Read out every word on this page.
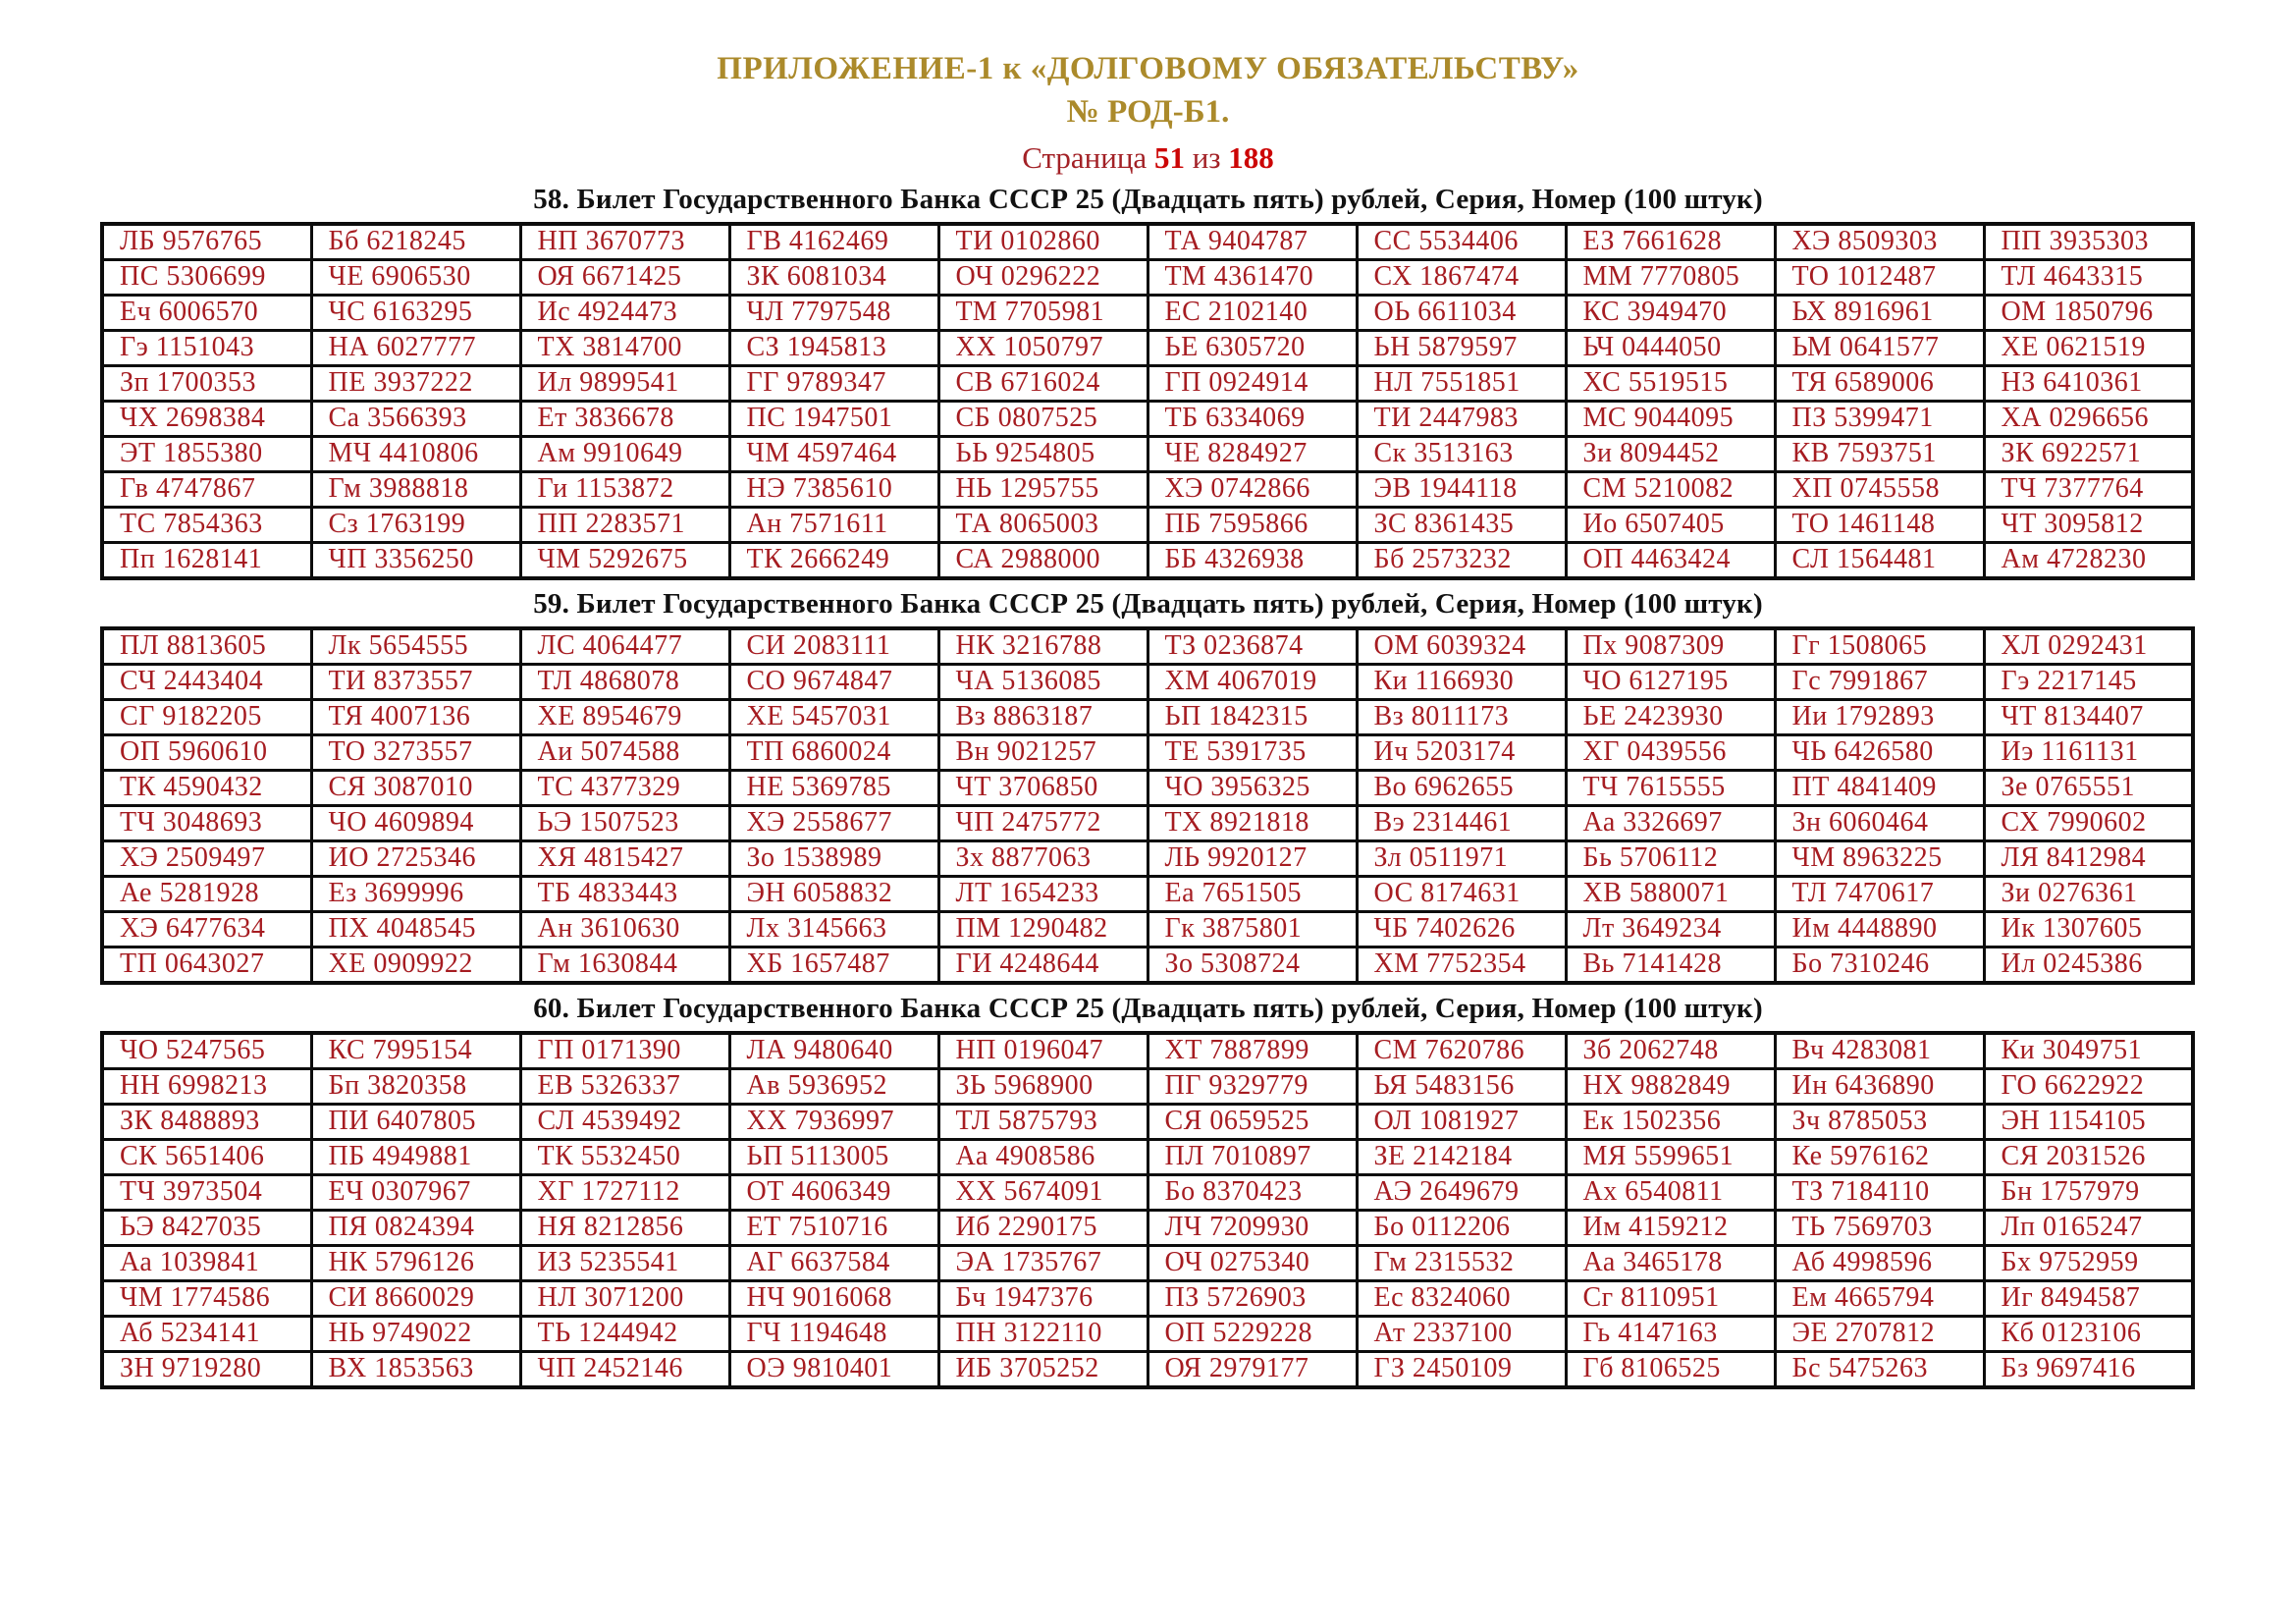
ПРИЛОЖЕНИЕ-1 к «ДОЛГОВОМУ ОБЯЗАТЕЛЬСТВУ»
№ РОД-Б1.
Страница 51 из 188
58. Билет Государственного Банка СССР 25 (Двадцать пять) рублей, Серия, Номер (100 штук)
ЛБ 9576765	Бб 6218245	НП 3670773	ГВ 4162469	ТИ 0102860	ТА 9404787	СС 5534406	ЕЗ 7661628	ХЭ 8509303	ПП 3935303
ПС 5306699	ЧЕ 6906530	ОЯ 6671425	ЗК 6081034	ОЧ 0296222	ТМ 4361470	СХ 1867474	ММ 7770805	ТО 1012487	ТЛ 4643315
Еч 6006570	ЧС 6163295	Ис 4924473	ЧЛ 7797548	ТМ 7705981	ЕС 2102140	ОЬ 6611034	КС 3949470	ЬХ 8916961	ОМ 1850796
Гэ 1151043	НА 6027777	ТХ 3814700	СЗ 1945813	ХХ 1050797	ЬЕ 6305720	ЬН 5879597	ЬЧ 0444050	ЬМ 0641577	ХЕ 0621519
Зп 1700353	ПЕ 3937222	Ил 9899541	ГГ 9789347	СВ 6716024	ГП 0924914	НЛ 7551851	ХС 5519515	ТЯ 6589006	НЗ 6410361
ЧХ 2698384	Са 3566393	Ет 3836678	ПС 1947501	СБ 0807525	ТБ 6334069	ТИ 2447983	МС 9044095	ПЗ 5399471	ХА 0296656
ЭТ 1855380	МЧ 4410806	Ам 9910649	ЧМ 4597464	ЬЬ 9254805	ЧЕ 8284927	Ск 3513163	Зи 8094452	КВ 7593751	ЗК 6922571
Гв 4747867	Гм 3988818	Ги 1153872	НЭ 7385610	НЬ 1295755	ХЭ 0742866	ЭВ 1944118	СМ 5210082	ХП 0745558	ТЧ 7377764
ТС 7854363	Сз 1763199	ПП 2283571	Ан 7571611	ТА 8065003	ПБ 7595866	ЗС 8361435	Ио 6507405	ТО 1461148	ЧТ 3095812
Пп 1628141	ЧП 3356250	ЧМ 5292675	ТК 2666249	СА 2988000	ББ 4326938	Бб 2573232	ОП 4463424	СЛ 1564481	Ам 4728230
59. Билет Государственного Банка СССР 25 (Двадцать пять) рублей, Серия, Номер (100 штук)
ПЛ 8813605	Лк 5654555	ЛС 4064477	СИ 2083111	НК 3216788	ТЗ 0236874	ОМ 6039324	Пх 9087309	Гг 1508065	ХЛ 0292431
СЧ 2443404	ТИ 8373557	ТЛ 4868078	СО 9674847	ЧА 5136085	ХМ 4067019	Ки 1166930	ЧО 6127195	Гс 7991867	Гэ 2217145
СГ 9182205	ТЯ 4007136	ХЕ 8954679	ХЕ 5457031	Вз 8863187	ЬП 1842315	Вз 8011173	ЬЕ 2423930	Ии 1792893	ЧТ 8134407
ОП 5960610	ТО 3273557	Аи 5074588	ТП 6860024	Вн 9021257	ТЕ 5391735	Ич 5203174	ХГ 0439556	ЧЬ 6426580	Иэ 1161131
ТК 4590432	СЯ 3087010	ТС 4377329	НЕ 5369785	ЧТ 3706850	ЧО 3956325	Во 6962655	ТЧ 7615555	ПТ 4841409	Зе 0765551
ТЧ 3048693	ЧО 4609894	ЬЭ 1507523	ХЭ 2558677	ЧП 2475772	ТХ 8921818	Вэ 2314461	Аа 3326697	Зн 6060464	СХ 7990602
ХЭ 2509497	ИО 2725346	ХЯ 4815427	Зо 1538989	Зх 8877063	ЛЬ 9920127	Зл 0511971	Бь 5706112	ЧМ 8963225	ЛЯ 8412984
Ае 5281928	Ез 3699996	ТБ 4833443	ЭН 6058832	ЛТ 1654233	Еа 7651505	ОС 8174631	ХВ 5880071	ТЛ 7470617	Зи 0276361
ХЭ 6477634	ПХ 4048545	Ан 3610630	Лх 3145663	ПМ 1290482	Гк 3875801	ЧБ 7402626	Лт 3649234	Им 4448890	Ик 1307605
ТП 0643027	ХЕ 0909922	Гм 1630844	ХБ 1657487	ГИ 4248644	Зо 5308724	ХМ 7752354	Вь 7141428	Бо 7310246	Ил 0245386
60. Билет Государственного Банка СССР 25 (Двадцать пять) рублей, Серия, Номер (100 штук)
ЧО 5247565	КС 7995154	ГП 0171390	ЛА 9480640	НП 0196047	ХТ 7887899	СМ 7620786	Зб 2062748	Вч 4283081	Ки 3049751
НН 6998213	Бп 3820358	ЕВ 5326337	Ав 5936952	ЗЬ 5968900	ПГ 9329779	ЬЯ 5483156	НХ 9882849	Ин 6436890	ГО 6622922
ЗК 8488893	ПИ 6407805	СЛ 4539492	ХХ 7936997	ТЛ 5875793	СЯ 0659525	ОЛ 1081927	Ек 1502356	Зч 8785053	ЭН 1154105
СК 5651406	ПБ 4949881	ТК 5532450	ЬП 5113005	Аа 4908586	ПЛ 7010897	ЗЕ 2142184	МЯ 5599651	Ке 5976162	СЯ 2031526
ТЧ 3973504	ЕЧ 0307967	ХГ 1727112	ОТ 4606349	ХХ 5674091	Бо 8370423	АЭ 2649679	Ах 6540811	ТЗ 7184110	Бн 1757979
ЬЭ 8427035	ПЯ 0824394	НЯ 8212856	ЕТ 7510716	Иб 2290175	ЛЧ 7209930	Бо 0112206	Им 4159212	ТЬ 7569703	Лп 0165247
Аа 1039841	НК 5796126	ИЗ 5235541	АГ 6637584	ЭА 1735767	ОЧ 0275340	Гм 2315532	Аа 3465178	Аб 4998596	Бх 9752959
ЧМ 1774586	СИ 8660029	НЛ 3071200	НЧ 9016068	Бч 1947376	ПЗ 5726903	Ес 8324060	Сг 8110951	Ем 4665794	Иг 8494587
Аб 5234141	НЬ 9749022	ТЬ 1244942	ГЧ 1194648	ПН 3122110	ОП 5229228	Ат 2337100	Гь 4147163	ЭЕ 2707812	Кб 0123106
ЗН 9719280	ВХ 1853563	ЧП 2452146	ОЭ 9810401	ИБ 3705252	ОЯ 2979177	ГЗ 2450109	Гб 8106525	Бс 5475263	Бз 9697416
